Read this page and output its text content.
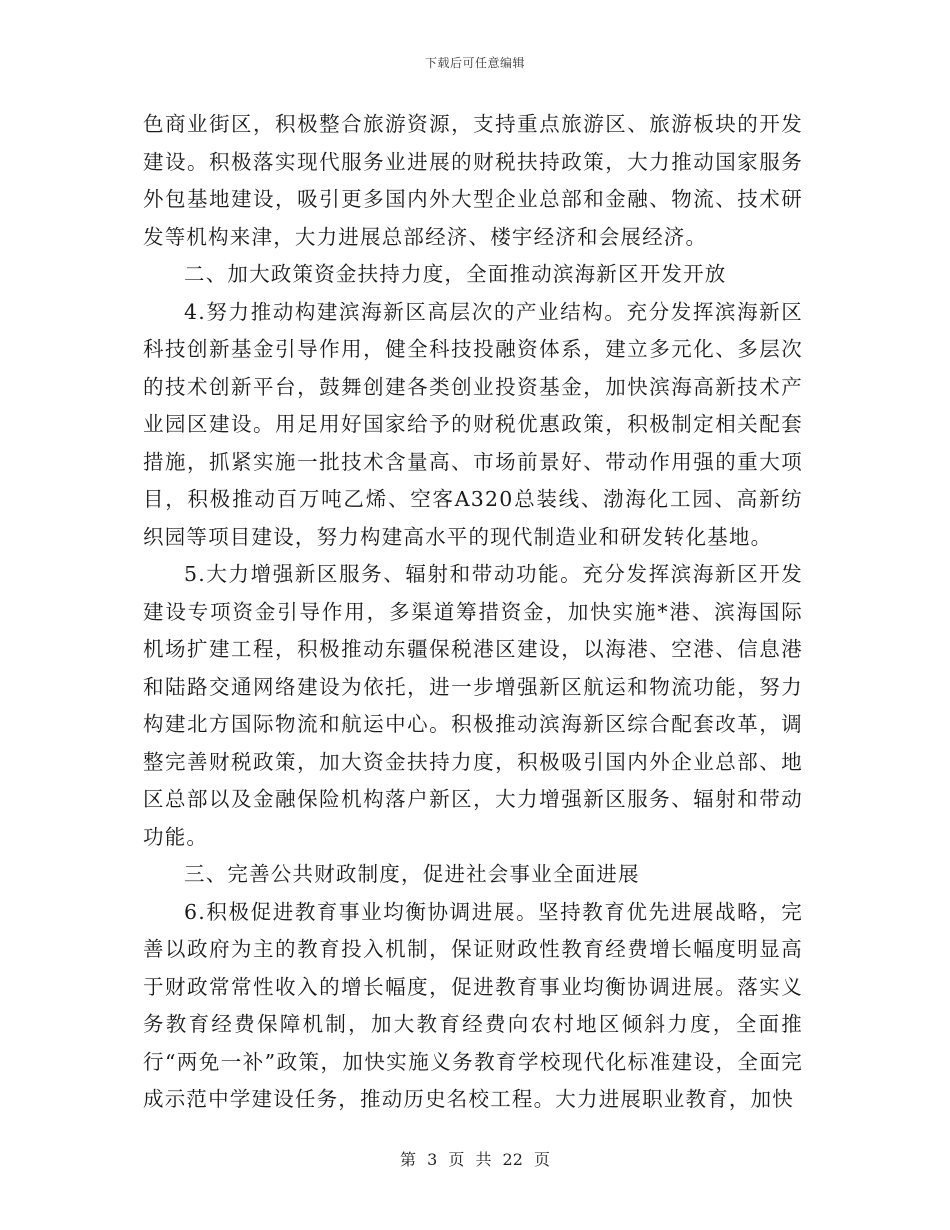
下载后可任意编辑

色商业街区，积极整合旅游资源，支持重点旅游区、旅游板块的开发建设。积极落实现代服务业进展的财税扶持政策，大力推动国家服务外包基地建设，吸引更多国内外大型企业总部和金融、物流、技术研发等机构来津，大力进展总部经济、楼宇经济和会展经济。

二、加大政策资金扶持力度，全面推动滨海新区开发开放

4.努力推动构建滨海新区高层次的产业结构。充分发挥滨海新区科技创新基金引导作用，健全科技投融资体系，建立多元化、多层次的技术创新平台，鼓舞创建各类创业投资基金，加快滨海高新技术产业园区建设。用足用好国家给予的财税优惠政策，积极制定相关配套措施，抓紧实施一批技术含量高、市场前景好、带动作用强的重大项目，积极推动百万吨乙烯、空客A320总装线、渤海化工园、高新纺织园等项目建设，努力构建高水平的现代制造业和研发转化基地。

5.大力增强新区服务、辐射和带动功能。充分发挥滨海新区开发建设专项资金引导作用，多渠道筹措资金，加快实施*港、滨海国际机场扩建工程，积极推动东疆保税港区建设，以海港、空港、信息港和陆路交通网络建设为依托，进一步增强新区航运和物流功能，努力构建北方国际物流和航运中心。积极推动滨海新区综合配套改革，调整完善财税政策，加大资金扶持力度，积极吸引国内外企业总部、地区总部以及金融保险机构落户新区，大力增强新区服务、辐射和带动功能。

三、完善公共财政制度，促进社会事业全面进展

6.积极促进教育事业均衡协调进展。坚持教育优先进展战略，完善以政府为主的教育投入机制，保证财政性教育经费增长幅度明显高于财政常常性收入的增长幅度，促进教育事业均衡协调进展。落实义务教育经费保障机制，加大教育经费向农村地区倾斜力度，全面推行“两免一补”政策，加快实施义务教育学校现代化标准建设，全面完成示范中学建设任务，推动历史名校工程。大力进展职业教育，加快

第 3 页 共 22 页
